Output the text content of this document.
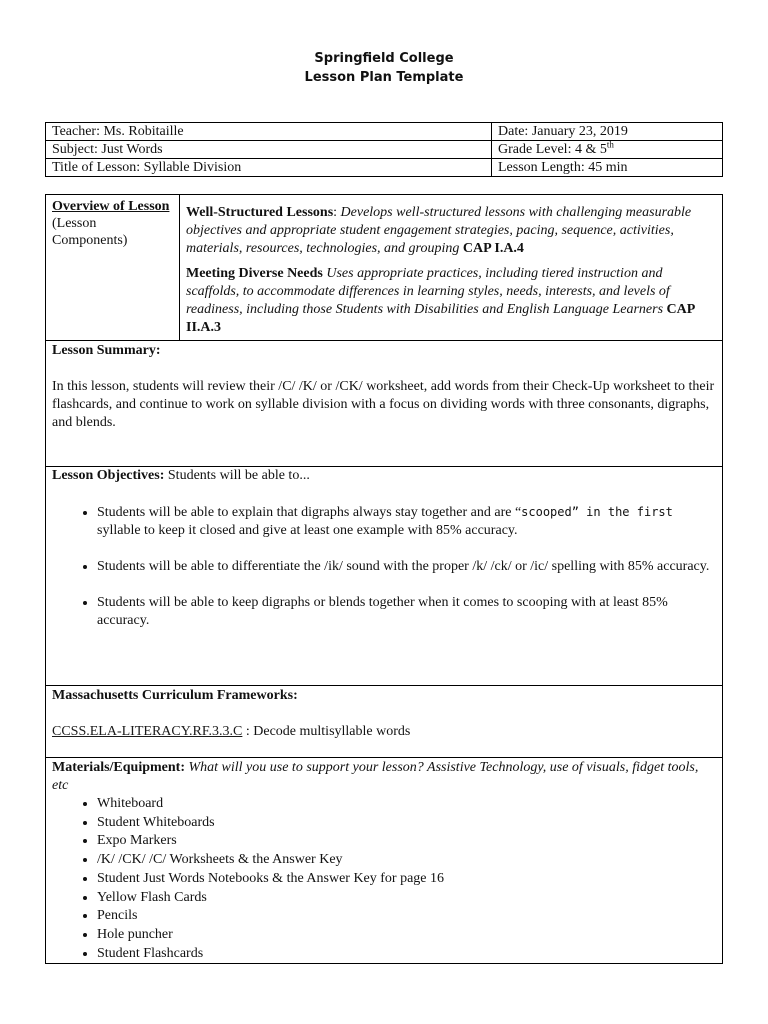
Springfield College
Lesson Plan Template
Teacher: Ms. Robitaille	Date: January 23, 2019
Subject: Just Words	Grade Level: 4 & 5th
Title of Lesson: Syllable Division	Lesson Length: 45 min
Overview of Lesson
(Lesson Components)	
Well-Structured Lessons: Develops well-structured lessons with challenging measurable objectives and appropriate student engagement strategies, pacing, sequence, activities, materials, resources, technologies, and grouping CAP I.A.4
Meeting Diverse Needs Uses appropriate practices, including tiered instruction and scaffolds, to accommodate differences in learning styles, needs, interests, and levels of readiness, including those Students with Disabilities and English Language Learners CAP II.A.3

Lesson Summary:
In this lesson, students will review their /C/ /K/ or /CK/ worksheet, add words from their Check-Up worksheet to their flashcards, and continue to work on syllable division with a focus on dividing words with three consonants, digraphs, and blends.

Lesson Objectives: Students will be able to...
• Students will be able to explain that digraphs always stay together and are “scooped” in the first
syllable to keep it closed and give at least one example with 85% accuracy.
• Students will be able to differentiate the /ik/ sound with the proper /k/ /ck/ or /ic/ spelling with 85% accuracy.
• Students will be able to keep digraphs or blends together when it comes to scooping with at least 85% accuracy.

Massachusetts Curriculum Frameworks:
CCSS.ELA-LITERACY.RF.3.3.C : Decode multisyllable words

Materials/Equipment: What will you use to support your lesson? Assistive Technology, use of visuals, fidget tools, etc
• Whiteboard
• Student Whiteboards
• Expo Markers
• /K/ /CK/ /C/ Worksheets & the Answer Key
• Student Just Words Notebooks & the Answer Key for page 16
• Yellow Flash Cards
• Pencils
• Hole puncher
• Student Flashcards
